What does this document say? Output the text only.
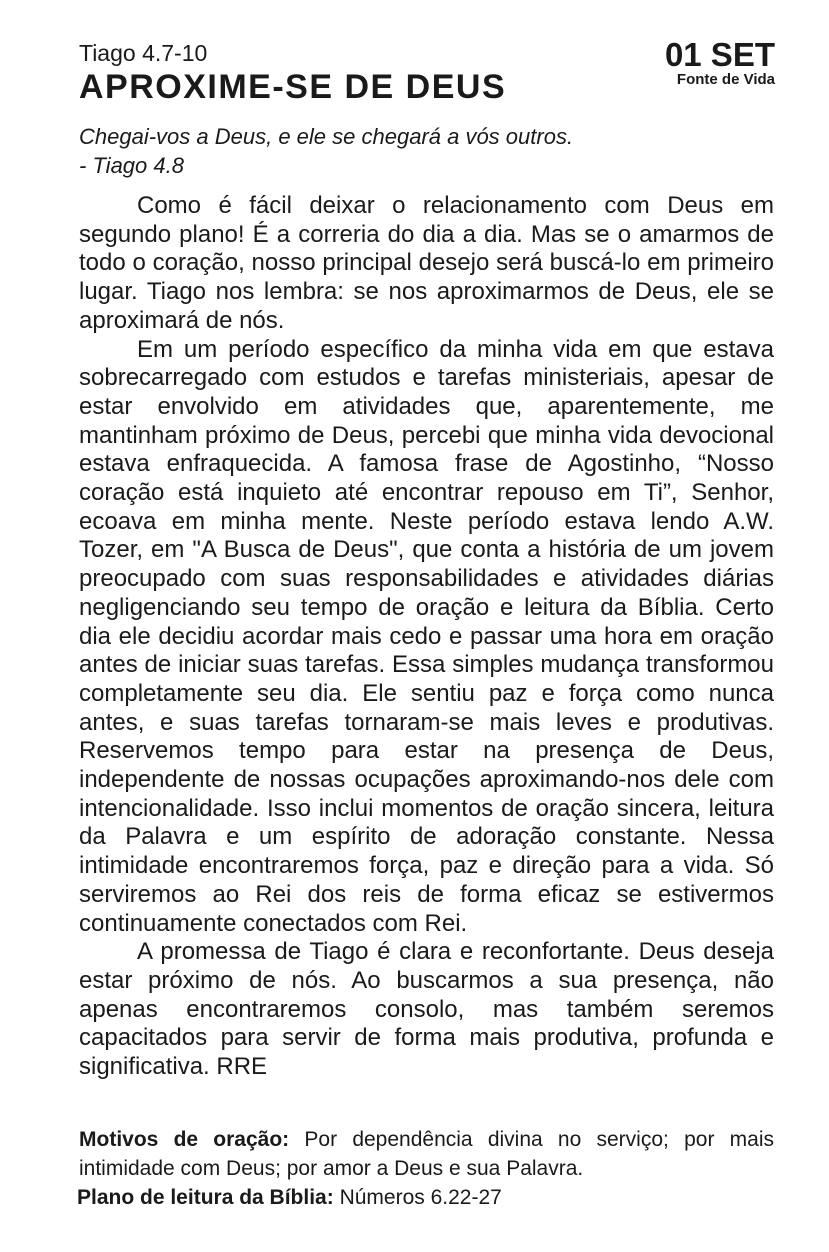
Tiago 4.7-10
APROXIME-SE DE DEUS
01 SET
Fonte de Vida
Chegai-vos a Deus, e ele se chegará a vós outros.
- Tiago 4.8

Como é fácil deixar o relacionamento com Deus em segundo plano! É a correria do dia a dia. Mas se o amarmos de todo o coração, nosso principal desejo será buscá-lo em primeiro lugar. Tiago nos lembra: se nos aproximarmos de Deus, ele se aproximará de nós.

Em um período específico da minha vida em que estava sobrecarregado com estudos e tarefas ministeriais, apesar de estar envolvido em atividades que, aparentemente, me mantinham próximo de Deus, percebi que minha vida devocional estava enfraquecida. A famosa frase de Agostinho, “Nosso coração está inquieto até encontrar repouso em Ti”, Senhor, ecoava em minha mente. Neste período estava lendo A.W. Tozer, em "A Busca de Deus", que conta a história de um jovem preocupado com suas responsabilidades e atividades diárias negligenciando seu tempo de oração e leitura da Bíblia. Certo dia ele decidiu acordar mais cedo e passar uma hora em oração antes de iniciar suas tarefas. Essa simples mudança transformou completamente seu dia. Ele sentiu paz e força como nunca antes, e suas tarefas tornaram-se mais leves e produtivas. Reservemos tempo para estar na presença de Deus, independente de nossas ocupações aproximando-nos dele com intencionalidade. Isso inclui momentos de oração sincera, leitura da Palavra e um espírito de adoração constante. Nessa intimidade encontraremos força, paz e direção para a vida. Só serviremos ao Rei dos reis de forma eficaz se estivermos continuamente conectados com Rei.

A promessa de Tiago é clara e reconfortante. Deus deseja estar próximo de nós. Ao buscarmos a sua presença, não apenas encontraremos consolo, mas também seremos capacitados para servir de forma mais produtiva, profunda e significativa. RRE

Motivos de oração: Por dependência divina no serviço; por mais intimidade com Deus; por amor a Deus e sua Palavra.
Plano de leitura da Bíblia: Números 6.22-27
